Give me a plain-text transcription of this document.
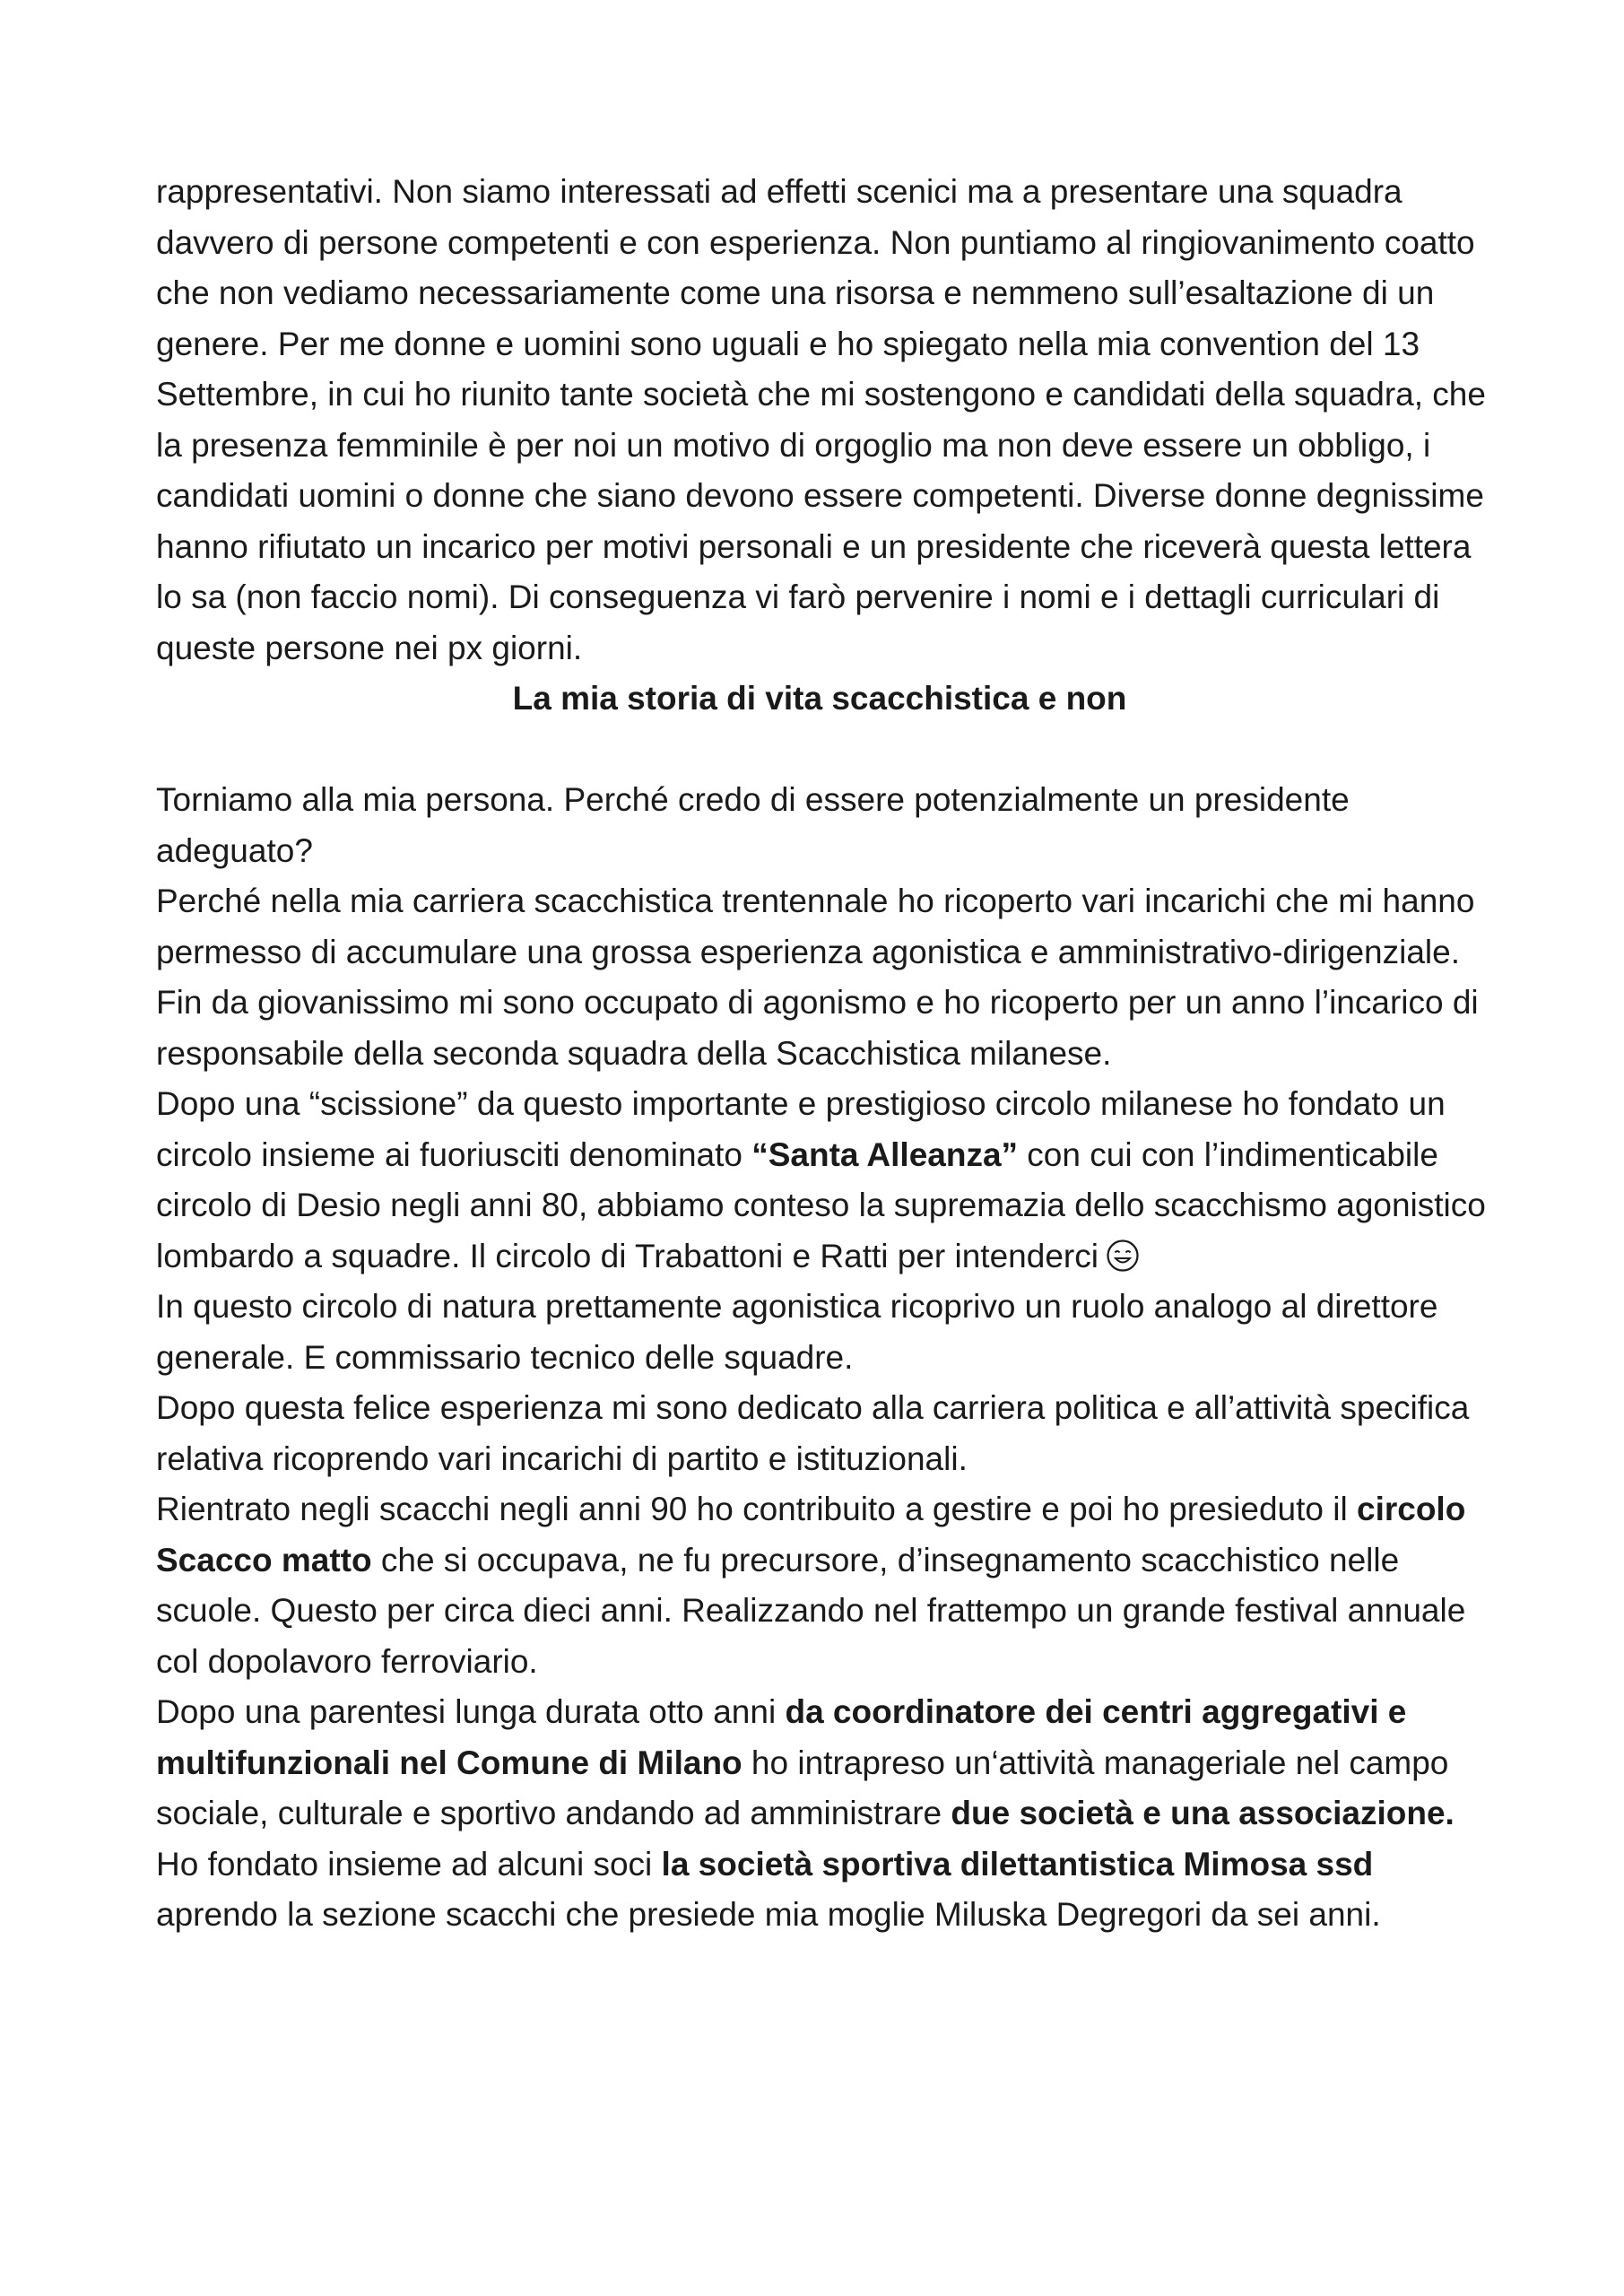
rappresentativi. Non siamo interessati ad effetti scenici ma a presentare una squadra davvero di persone competenti e con esperienza. Non puntiamo al ringiovanimento coatto che non vediamo necessariamente come una risorsa e nemmeno sull’esaltazione di un genere. Per me donne e uomini sono uguali e ho spiegato nella mia convention del 13 Settembre, in cui ho riunito tante società che mi sostengono e candidati della squadra, che la presenza femminile è per noi un motivo di orgoglio ma non deve essere un obbligo, i candidati uomini o donne che siano devono essere competenti. Diverse donne degnissime hanno rifiutato un incarico per motivi personali e un presidente che riceverà questa lettera lo sa (non faccio nomi). Di conseguenza vi farò pervenire i nomi e i dettagli curriculari di queste persone nei px giorni.

La mia storia di vita scacchistica e non

Torniamo alla mia persona. Perché credo di essere potenzialmente un presidente adeguato?

Perché nella mia carriera scacchistica trentennale ho ricoperto vari incarichi che mi hanno permesso di accumulare una grossa esperienza agonistica e amministrativo-dirigenziale.

Fin da giovanissimo mi sono occupato di agonismo e ho ricoperto per un anno l’incarico di responsabile della seconda squadra della Scacchistica milanese.

Dopo una “scissione” da questo importante e prestigioso circolo milanese ho fondato un circolo insieme ai fuoriusciti denominato “Santa Alleanza” con cui con l’indimenticabile circolo di Desio negli anni 80, abbiamo conteso la supremazia dello scacchismo agonistico lombardo a squadre. Il circolo di Trabattoni e Ratti per intenderci

In questo circolo di natura prettamente agonistica ricoprivo un ruolo analogo al direttore generale. E commissario tecnico delle squadre.

Dopo questa felice esperienza mi sono dedicato alla carriera politica e all’attività specifica relativa ricoprendo vari incarichi di partito e istituzionali.

Rientrato negli scacchi negli anni 90 ho contribuito a gestire e poi ho presieduto il circolo Scacco matto che si occupava, ne fu precursore, d’insegnamento scacchistico nelle scuole. Questo per circa dieci anni. Realizzando nel frattempo un grande festival annuale col dopolavoro ferroviario.

Dopo una parentesi lunga durata otto anni da coordinatore dei centri aggregativi e multifunzionali nel Comune di Milano ho intrapreso un‘attività manageriale nel campo sociale, culturale e sportivo andando ad amministrare due società e una associazione.

Ho fondato insieme ad alcuni soci la società sportiva dilettantistica Mimosa ssd aprendo la sezione scacchi che presiede mia moglie Miluska Degregori da sei anni.
